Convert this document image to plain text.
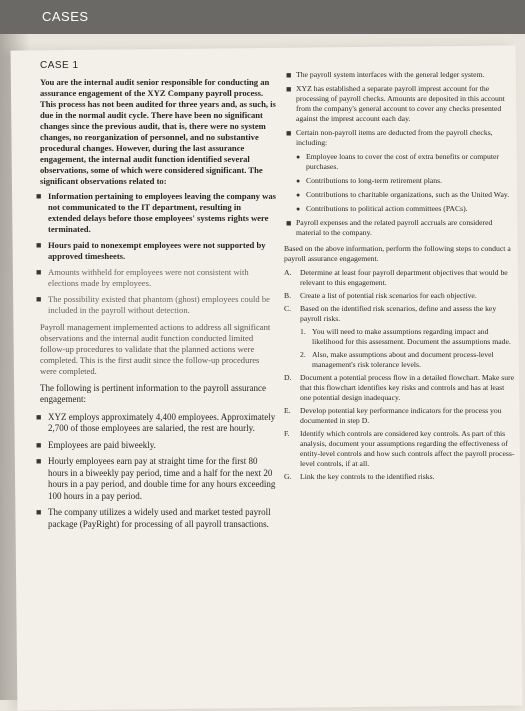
CASES
CASE 1

You are the internal audit senior responsible for conducting an assurance engagement of the XYZ Company payroll process. This process has not been audited for three years and, as such, is due in the normal audit cycle. There have been no significant changes since the previous audit, that is, there were no system changes, no reorganization of personnel, and no substantive procedural changes. However, during the last assurance engagement, the internal audit function identified several observations, some of which were considered significant. The significant observations related to:

■ Information pertaining to employees leaving the company was not communicated to the IT department, resulting in extended delays before those employees' systems rights were terminated.
■ Hours paid to nonexempt employees were not supported by approved timesheets.
■ Amounts withheld for employees were not consistent with elections made by employees.
■ The possibility existed that phantom (ghost) employees could be included in the payroll without detection.

Payroll management implemented actions to address all significant observations and the internal audit function conducted limited follow-up procedures to validate that the planned actions were completed. This is the first audit since the follow-up procedures were completed.

The following is pertinent information to the payroll assurance engagement:

■ XYZ employs approximately 4,400 employees. Approximately 2,700 of those employees are salaried, the rest are hourly.
■ Employees are paid biweekly.
■ Hourly employees earn pay at straight time for the first 80 hours in a biweekly pay period, time and a half for the next 20 hours in a pay period, and double time for any hours exceeding 100 hours in a pay period.
■ The company utilizes a widely used and market tested payroll package (PayRight) for processing of all payroll transactions.
■ The payroll system interfaces with the general ledger system.
■ XYZ has established a separate payroll imprest account for the processing of payroll checks. Amounts are deposited in this account from the company's general account to cover any checks presented against the imprest account each day.
■ Certain non-payroll items are deducted from the payroll checks, including:
● Employee loans to cover the cost of extra benefits or computer purchases.
● Contributions to long-term retirement plans.
● Contributions to charitable organizations, such as the United Way.
● Contributions to political action committees (PACs).
■ Payroll expenses and the related payroll accruals are considered material to the company.

Based on the above information, perform the following steps to conduct a payroll assurance engagement.

A. Determine at least four payroll department objectives that would be relevant to this engagement.
B. Create a list of potential risk scenarios for each objective.
C. Based on the identified risk scenarios, define and assess the key payroll risks.
1. You will need to make assumptions regarding impact and likelihood for this assessment. Document the assumptions made.
2. Also, make assumptions about and document process-level management's risk tolerance levels.
D. Document a potential process flow in a detailed flowchart. Make sure that this flowchart identifies key risks and controls and has at least one potential design inadequacy.
E. Develop potential key performance indicators for the process you documented in step D.
F. Identify which controls are considered key controls. As part of this analysis, document your assumptions regarding the effectiveness of entity-level controls and how such controls affect the payroll process-level controls, if at all.
G. Link the key controls to the identified risks.
